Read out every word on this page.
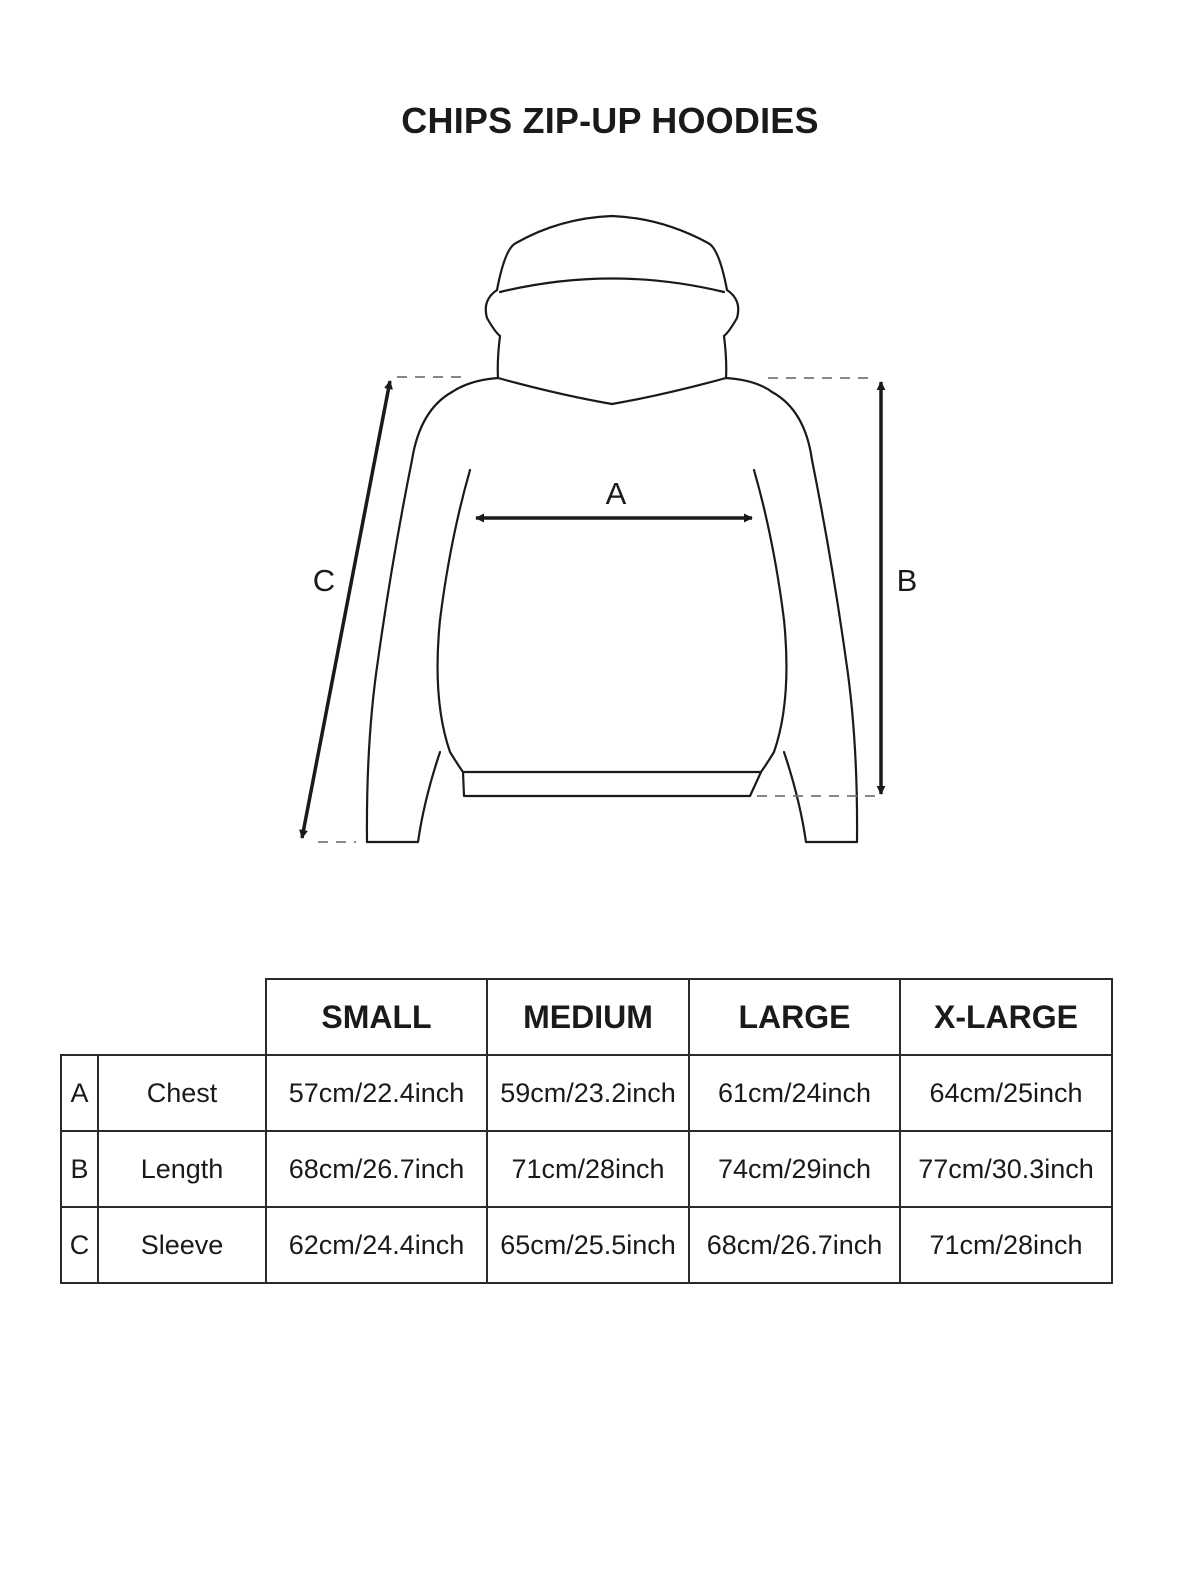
CHIPS ZIP-UP HOODIES
A
B
C
		SMALL	MEDIUM	LARGE	X-LARGE
A	Chest	57cm/22.4inch	59cm/23.2inch	61cm/24inch	64cm/25inch
B	Length	68cm/26.7inch	71cm/28inch	74cm/29inch	77cm/30.3inch
C	Sleeve	62cm/24.4inch	65cm/25.5inch	68cm/26.7inch	71cm/28inch
